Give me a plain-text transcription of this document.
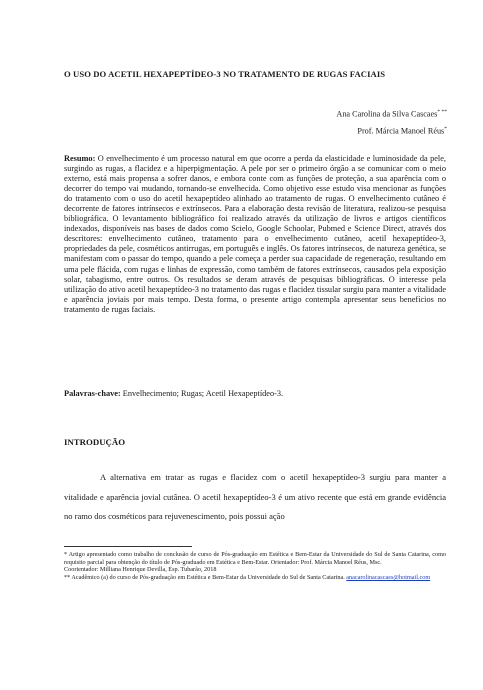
O USO DO ACETIL HEXAPEPTÍDEO-3 NO TRATAMENTO DE RUGAS FACIAIS
Ana Carolina da Silva Cascaes* **
Prof. Márcia Manoel Réus*

Resumo: O envelhecimento é um processo natural em que ocorre a perda da elasticidade e luminosidade da pele, surgindo as rugas, a flacidez e a hiperpigmentação. A pele por ser o primeiro órgão a se comunicar com o meio externo, está mais propensa a sofrer danos, e embora conte com as funções de proteção, a sua aparência com o decorrer do tempo vai mudando, tornando-se envelhecida. Como objetivo esse estudo visa mencionar as funções do tratamento com o uso do acetil hexapeptídeo alinhado ao tratamento de rugas. O envelhecimento cutâneo é decorrente de fatores intrínsecos e extrínsecos. Para a elaboração desta revisão de literatura, realizou-se pesquisa bibliográfica. O levantamento bibliográfico foi realizado através da utilização de livros e artigos científicos indexados, disponíveis nas bases de dados como Scielo, Google Schoolar, Pubmed e Science Direct, através dos descritores: envelhecimento cutâneo, tratamento para o envelhecimento cutâneo, acetil hexapeptídeo-3, propriedades da pele, cosméticos antirrugas, em português e inglês. Os fatores intrínsecos, de natureza genética, se manifestam com o passar do tempo, quando a pele começa a perder sua capacidade de regeneração, resultando em uma pele flácida, com rugas e linhas de expressão, como também de fatores extrínsecos, causados pela exposição solar, tabagismo, entre outros. Os resultados se deram através de pesquisas bibliográficas. O interesse pela utilização do ativo acetil hexapeptídeo-3 no tratamento das rugas e flacidez tissular surgiu para manter a vitalidade e aparência joviais por mais tempo. Desta forma, o presente artigo contempla apresentar seus benefícios no tratamento de rugas faciais.

Palavras-chave: Envelhecimento; Rugas; Acetil Hexapeptídeo-3.

INTRODUÇÃO

A alternativa em tratar as rugas e flacidez com o acetil hexapeptídeo-3 surgiu para manter a vitalidade e aparência jovial cutânea. O acetil hexapeptídeo-3 é um ativo recente que está em grande evidência no ramo dos cosméticos para rejuvenescimento, pois possui ação

* Artigo apresentado como trabalho de conclusão de curso de Pós-graduação em Estética e Bem-Estar da Universidade do Sul de Santa Catarina, como requisito parcial para obtenção do título de Pós-graduado em Estética e Bem-Estar. Orientador: Prof. Márcia Manoel Réus, Msc.

Coorientador: Milliana Henrique Devilla, Esp. Tubarão, 2018

** Acadêmico (a) do curso de Pós-graduação em Estética e Bem-Estar da Universidade do Sul de Santa Catarina. anacarolinacascaes@hotmail.com
